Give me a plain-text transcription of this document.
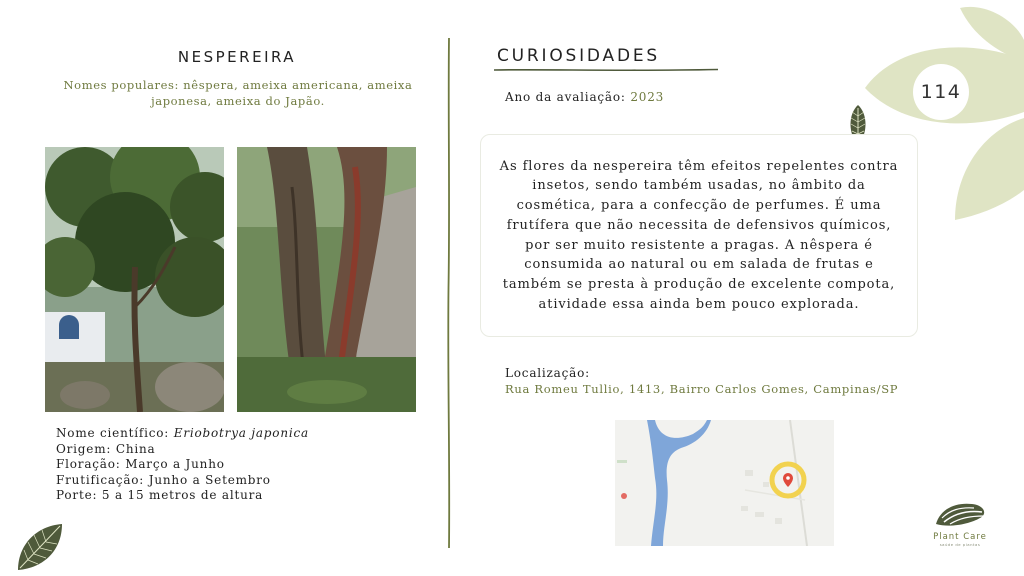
114
NESPEREIRA
Nomes populares: nêspera, ameixa americana, ameixa japonesa, ameixa do Japão.
Nome científico: Eriobotrya japonica
Origem: China
Floração: Março a Junho
Frutificação: Junho a Setembro
Porte: 5 a 15 metros de altura
CURIOSIDADES
Ano da avaliação: 2023

As flores da nespereira têm efeitos repelentes contra insetos, sendo também usadas, no âmbito da cosmética, para a confecção de perfumes. É uma frutífera que não necessita de defensivos químicos, por ser muito resistente a pragas. A nêspera é consumida ao natural ou em salada de frutas e também se presta à produção de excelente compota, atividade essa ainda bem pouco explorada.

Localização:
Rua Romeu Tullio, 1413, Bairro Carlos Gomes, Campinas/SP
Plant Care
saúde de plantas
